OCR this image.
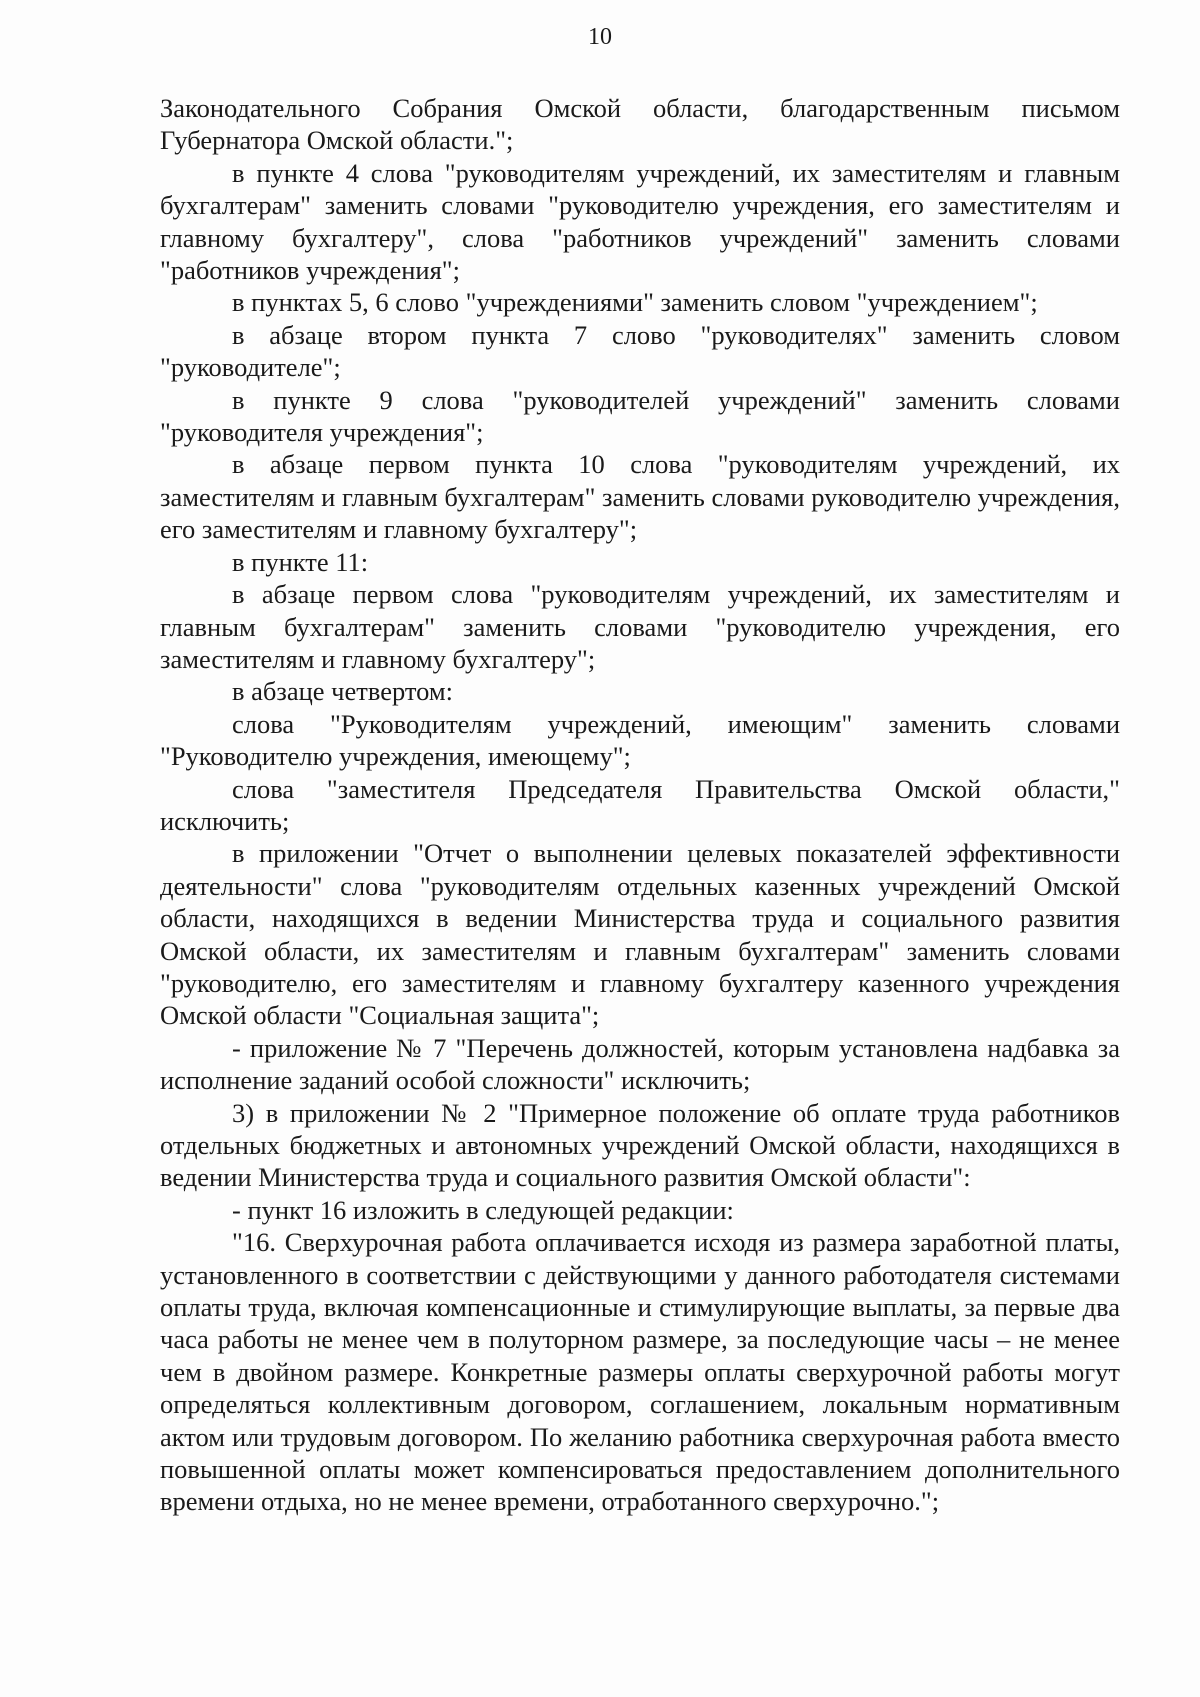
10

Законодательного Собрания Омской области, благодарственным письмом Губернатора Омской области.";

в пункте 4 слова "руководителям учреждений, их заместителям и главным бухгалтерам" заменить словами "руководителю учреждения, его заместителям и главному бухгалтеру", слова "работников учреждений" заменить словами "работников учреждения";

в пунктах 5, 6 слово "учреждениями" заменить словом "учреждением";

в абзаце втором пункта 7 слово "руководителях" заменить словом "руководителе";

в пункте 9 слова "руководителей учреждений" заменить словами "руководителя учреждения";

в абзаце первом пункта 10 слова "руководителям учреждений, их заместителям и главным бухгалтерам" заменить словами руководителю учреждения, его заместителям и главному бухгалтеру";

в пункте 11:

в абзаце первом слова "руководителям учреждений, их заместителям и главным бухгалтерам" заменить словами "руководителю учреждения, его заместителям и главному бухгалтеру";

в абзаце четвертом:

слова "Руководителям учреждений, имеющим" заменить словами "Руководителю учреждения, имеющему";

слова "заместителя Председателя Правительства Омской области," исключить;

в приложении "Отчет о выполнении целевых показателей эффективности деятельности" слова "руководителям отдельных казенных учреждений Омской области, находящихся в ведении Министерства труда и социального развития Омской области, их заместителям и главным бухгалтерам" заменить словами "руководителю, его заместителям и главному бухгалтеру казенного учреждения Омской области "Социальная защита";

- приложение № 7 "Перечень должностей, которым установлена надбавка за исполнение заданий особой сложности" исключить;

3) в приложении № 2 "Примерное положение об оплате труда работников отдельных бюджетных и автономных учреждений Омской области, находящихся в ведении Министерства труда и социального развития Омской области":

- пункт 16 изложить в следующей редакции:

"16. Сверхурочная работа оплачивается исходя из размера заработной платы, установленного в соответствии с действующими у данного работодателя системами оплаты труда, включая компенсационные и стимулирующие выплаты, за первые два часа работы не менее чем в полуторном размере, за последующие часы – не менее чем в двойном размере. Конкретные размеры оплаты сверхурочной работы могут определяться коллективным договором, соглашением, локальным нормативным актом или трудовым договором. По желанию работника сверхурочная работа вместо повышенной оплаты может компенсироваться предоставлением дополнительного времени отдыха, но не менее времени, отработанного сверхурочно.";
